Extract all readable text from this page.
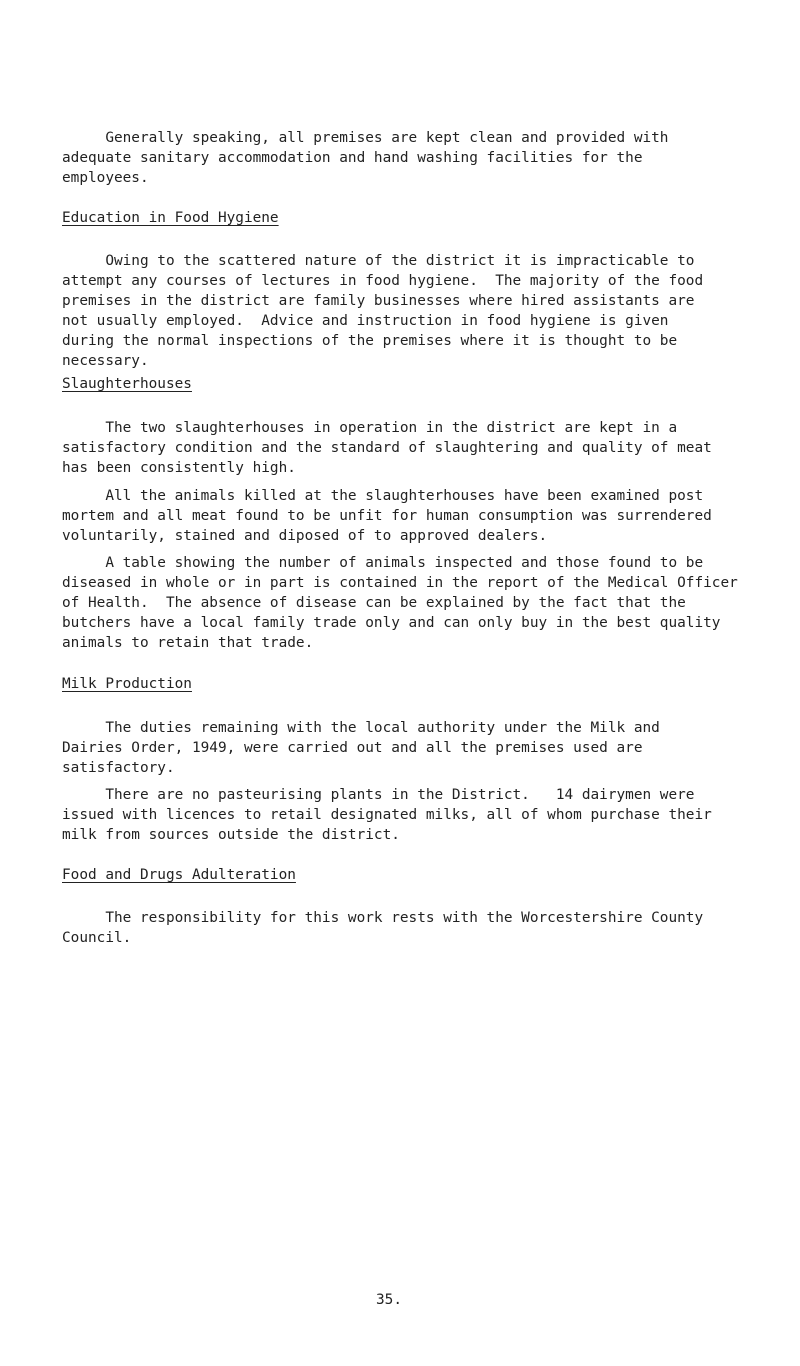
Generally speaking, all premises are kept clean and provided with
adequate sanitary accommodation and hand washing facilities for the
employees.
Education in Food Hygiene
Owing to the scattered nature of the district it is impracticable to
attempt any courses of lectures in food hygiene.  The majority of the food
premises in the district are family businesses where hired assistants are
not usually employed.  Advice and instruction in food hygiene is given
during the normal inspections of the premises where it is thought to be
necessary.
Slaughterhouses
The two slaughterhouses in operation in the district are kept in a
satisfactory condition and the standard of slaughtering and quality of meat
has been consistently high.
All the animals killed at the slaughterhouses have been examined post
mortem and all meat found to be unfit for human consumption was surrendered
voluntarily, stained and diposed of to approved dealers.
A table showing the number of animals inspected and those found to be
diseased in whole or in part is contained in the report of the Medical Officer
of Health.  The absence of disease can be explained by the fact that the
butchers have a local family trade only and can only buy in the best quality
animals to retain that trade.
Milk Production
The duties remaining with the local authority under the Milk and
Dairies Order, 1949, were carried out and all the premises used are
satisfactory.
There are no pasteurising plants in the District.   14 dairymen were
issued with licences to retail designated milks, all of whom purchase their
milk from sources outside the district.
Food and Drugs Adulteration
The responsibility for this work rests with the Worcestershire County
Council.
35.
